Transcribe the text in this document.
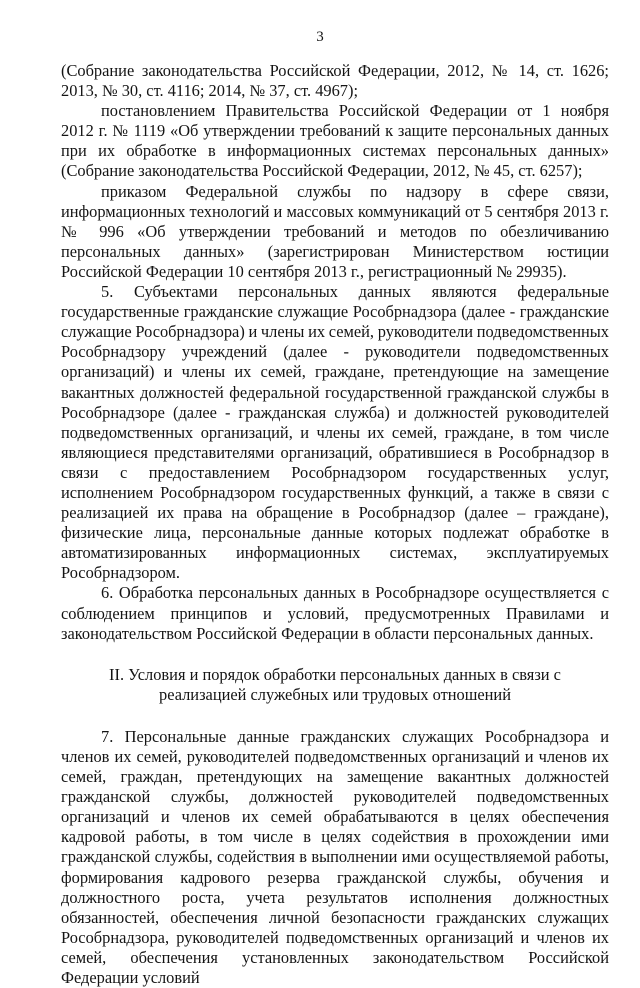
3

(Собрание законодательства Российской Федерации, 2012, № 14, ст. 1626; 2013, № 30, ст. 4116; 2014, № 37, ст. 4967);

постановлением Правительства Российской Федерации от 1 ноября 2012 г. № 1119 «Об утверждении требований к защите персональных данных при их обработке в информационных системах персональных данных» (Собрание законодательства Российской Федерации, 2012, № 45, ст. 6257);

приказом Федеральной службы по надзору в сфере связи, информационных технологий и массовых коммуникаций от 5 сентября 2013 г. № 996 «Об утверждении требований и методов по обезличиванию персональных данных» (зарегистрирован Министерством юстиции Российской Федерации 10 сентября 2013 г., регистрационный № 29935).

5. Субъектами персональных данных являются федеральные государственные гражданские служащие Рособрнадзора (далее - гражданские служащие Рособрнадзора) и члены их семей, руководители подведомственных Рособрнадзору учреждений (далее - руководители подведомственных организаций) и члены их семей, граждане, претендующие на замещение вакантных должностей федеральной государственной гражданской службы в Рособрнадзоре (далее - гражданская служба) и должностей руководителей подведомственных организаций, и члены их семей, граждане, в том числе являющиеся представителями организаций, обратившиеся в Рособрнадзор в связи с предоставлением Рособрнадзором государственных услуг, исполнением Рособрнадзором государственных функций, а также в связи с реализацией их права на обращение в Рособрнадзор (далее – граждане), физические лица, персональные данные которых подлежат обработке в автоматизированных информационных системах, эксплуатируемых Рособрнадзором.

6. Обработка персональных данных в Рособрнадзоре осуществляется с соблюдением принципов и условий, предусмотренных Правилами и законодательством Российской Федерации в области персональных данных.

II. Условия и порядок обработки персональных данных в связи с реализацией служебных или трудовых отношений

7. Персональные данные гражданских служащих Рособрнадзора и членов их семей, руководителей подведомственных организаций и членов их семей, граждан, претендующих на замещение вакантных должностей гражданской службы, должностей руководителей подведомственных организаций и членов их семей обрабатываются в целях обеспечения кадровой работы, в том числе в целях содействия в прохождении ими гражданской службы, содействия в выполнении ими осуществляемой работы, формирования кадрового резерва гражданской службы, обучения и должностного роста, учета результатов исполнения должностных обязанностей, обеспечения личной безопасности гражданских служащих Рособрнадзора, руководителей подведомственных организаций и членов их семей, обеспечения установленных законодательством Российской Федерации условий
